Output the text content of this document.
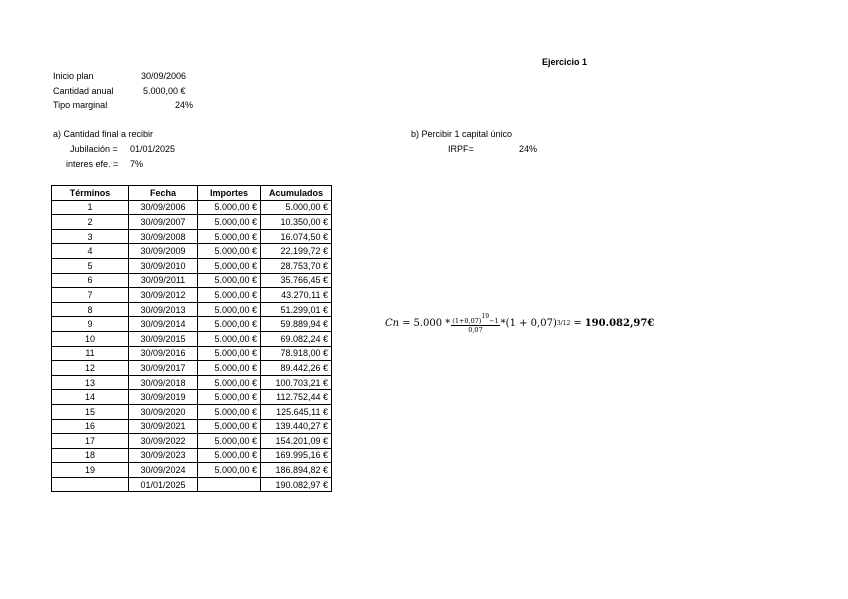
Ejercicio 1
Inicio plan	30/09/2006
Cantidad anual	5.000,00 €
Tipo marginal	24%
a) Cantidad final a recibir
Jubilación = 01/01/2025
interes efe. = 7%
b) Percibir 1 capital único
IRPF=	24%
Términos	Fecha	Importes	Acumulados
1	30/09/2006	5.000,00 €	5.000,00 €
2	30/09/2007	5.000,00 €	10.350,00 €
3	30/09/2008	5.000,00 €	16.074,50 €
4	30/09/2009	5.000,00 €	22.199,72 €
5	30/09/2010	5.000,00 €	28.753,70 €
6	30/09/2011	5.000,00 €	35.766,45 €
7	30/09/2012	5.000,00 €	43.270,11 €
8	30/09/2013	5.000,00 €	51.299,01 €
9	30/09/2014	5.000,00 €	59.889,94 €
10	30/09/2015	5.000,00 €	69.082,24 €
11	30/09/2016	5.000,00 €	78.918,00 €
12	30/09/2017	5.000,00 €	89.442,26 €
13	30/09/2018	5.000,00 €	100.703,21 €
14	30/09/2019	5.000,00 €	112.752,44 €
15	30/09/2020	5.000,00 €	125.645,11 €
16	30/09/2021	5.000,00 €	139.440,27 €
17	30/09/2022	5.000,00 €	154.201,09 €
18	30/09/2023	5.000,00 €	169.995,16 €
19	30/09/2024	5.000,00 €	186.894,82 €
	01/01/2025		190.082,97 €
$Cn = 5.000 * \frac{(1+0,07)^{19}-1}{0,07} *(1 + 0,07) 3/12$ = 190.082,97€
